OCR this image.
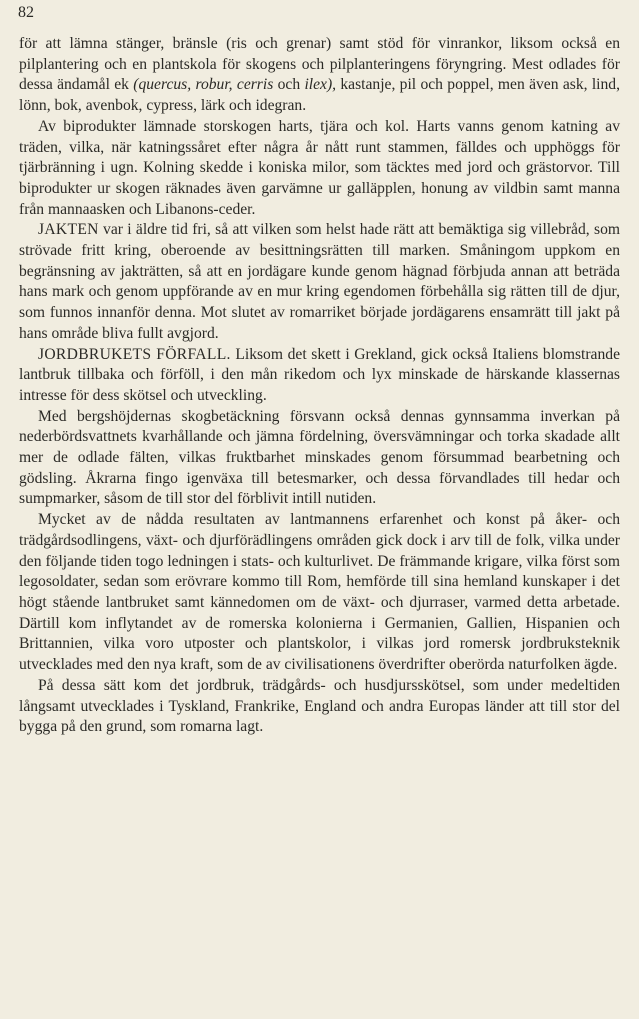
82

för att lämna stänger, bränsle (ris och grenar) samt stöd för vinrankor, liksom också en pilplantering och en plantskola för skogens och pilplanteringens föryngring. Mest odlades för dessa ändamål ek (quercus, robur, cerris och ilex), kastanje, pil och poppel, men även ask, lind, lönn, bok, avenbok, cypress, lärk och idegran.

Av biprodukter lämnade storskogen harts, tjära och kol. Harts vanns genom katning av träden, vilka, när katningssåret efter några år nått runt stammen, fälldes och upphöggs för tjärbränning i ugn. Kolning skedde i koniska milor, som täcktes med jord och grästorvor. Till biprodukter ur skogen räknades även garvämne ur galläpplen, honung av vildbin samt manna från mannaasken och Libanons-ceder.

JAKTEN var i äldre tid fri, så att vilken som helst hade rätt att bemäktiga sig villebråd, som strövade fritt kring, oberoende av besittningsrätten till marken. Småningom uppkom en begränsning av jakträtten, så att en jordägare kunde genom hägnad förbjuda annan att beträda hans mark och genom uppförande av en mur kring egendomen förbehålla sig rätten till de djur, som funnos innanför denna. Mot slutet av romarriket började jordägarens ensamrätt till jakt på hans område bliva fullt avgjord.

JORDBRUKETS FÖRFALL. Liksom det skett i Grekland, gick också Italiens blomstrande lantbruk tillbaka och förföll, i den mån rikedom och lyx minskade de härskande klassernas intresse för dess skötsel och utveckling.

Med bergshöjdernas skogbetäckning försvann också dennas gynnsamma inverkan på nederbördsvattnets kvarhållande och jämna fördelning, översvämningar och torka skadade allt mer de odlade fälten, vilkas fruktbarhet minskades genom försummad bearbetning och gödsling. Åkrarna fingo igenväxa till betesmarker, och dessa förvandlades till hedar och sumpmarker, såsom de till stor del förblivit intill nutiden.

Mycket av de nådda resultaten av lantmannens erfarenhet och konst på åker- och trädgårdsodlingens, växt- och djurförädlingens områden gick dock i arv till de folk, vilka under den följande tiden togo ledningen i stats- och kulturlivet. De främmande krigare, vilka först som legosoldater, sedan som erövrare kommo till Rom, hemförde till sina hemland kunskaper i det högt stående lantbruket samt kännedomen om de växt- och djurraser, varmed detta arbetade. Därtill kom inflytandet av de romerska kolonierna i Germanien, Gallien, Hispanien och Brittannien, vilka voro utposter och plantskolor, i vilkas jord romersk jordbruksteknik utvecklades med den nya kraft, som de av civilisationens överdrifter oberörda naturfolken ägde.

På dessa sätt kom det jordbruk, trädgårds- och husdjursskötsel, som under medeltiden långsamt utvecklades i Tyskland, Frankrike, England och andra Europas länder att till stor del bygga på den grund, som romarna lagt.
